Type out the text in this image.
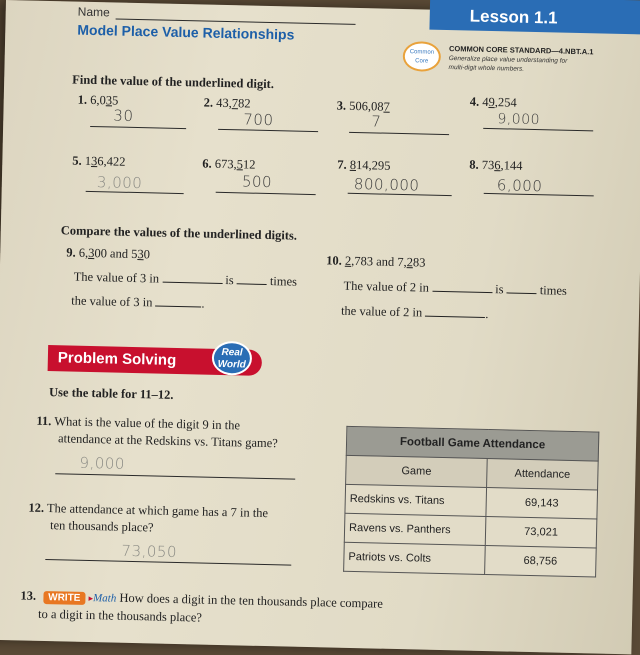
Lesson 1.1
Name
Model Place Value Relationships
Common Core
COMMON CORE STANDARD—4.NBT.A.1
Generalize place value understanding for multi-digit whole numbers.
Find the value of the underlined digit.
1. 6,035	2. 43,782	3. 506,087	4. 49,254
30	700	7	9,000
5. 136,422	6. 673,512	7. 814,295	8. 736,144
3,000	500	800,000	6,000
Compare the values of the underlined digits.
9. 6,300 and 530
The value of 3 in	is	times
the value of 3 in	.
10. 2,783 and 7,283
The value of 2 in	is	times
the value of 2 in	.
Problem Solving	Real
World
Use the table for 11–12.
11. What is the value of the digit 9 in the
attendance at the Redskins vs. Titans game?
9,000
12. The attendance at which game has a 7 in the
ten thousands place?
73,050
Football Game Attendance	
Game	Attendance
Redskins vs. Titans	69,143
Ravens vs. Panthers	73,021
Patriots vs. Colts	68,756
13. WRITE ▸Math How does a digit in the ten thousands place compare
to a digit in the thousands place?
